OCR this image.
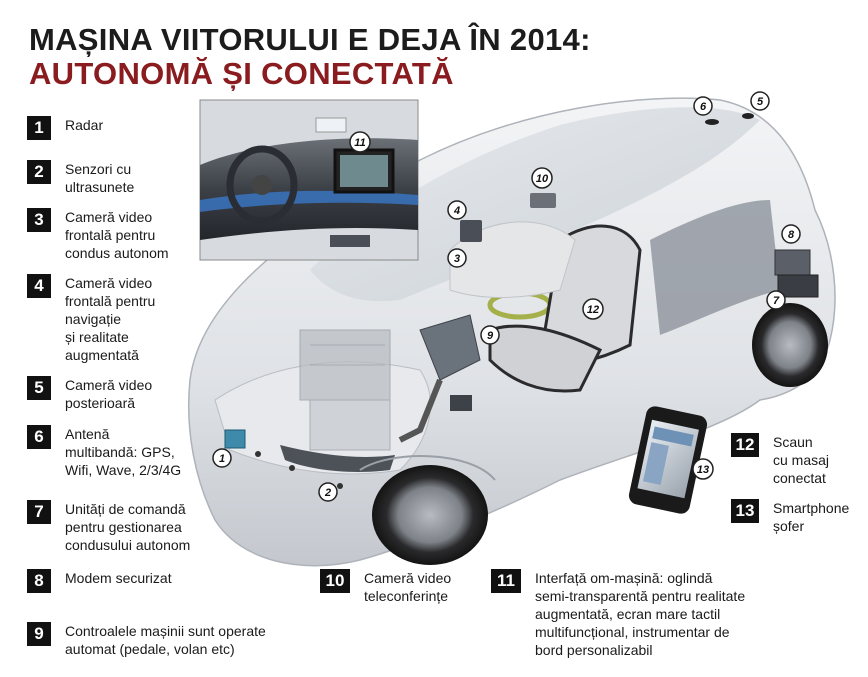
MAȘINA VIITORULUI E DEJA ÎN 2014:
AUTONOMĂ ȘI CONECTATĂ
1
2
3
4
5
6
7
8
9
10
11
12
13
1	Radar
2	Senzori cu
ultrasunete
3	Cameră video
frontală pentru
condus autonom
4	Cameră video
frontală pentru
navigație
și realitate
augmentată
5	Cameră video
posterioară
6	Antenă
multibandă: GPS,
Wifi, Wave, 2/3/4G
7	Unități de comandă
pentru gestionarea
condusului autonom
8	Modem securizat
9	Controalele mașinii sunt operate
automat (pedale, volan etc)
10	Cameră video
teleconferințe
11	Interfață om-mașină: oglindă
semi-transparentă pentru realitate
augmentată, ecran mare tactil
multifuncțional, instrumentar de
bord personalizabil
12	Scaun
cu masaj
conectat
13	Smartphone
șofer
